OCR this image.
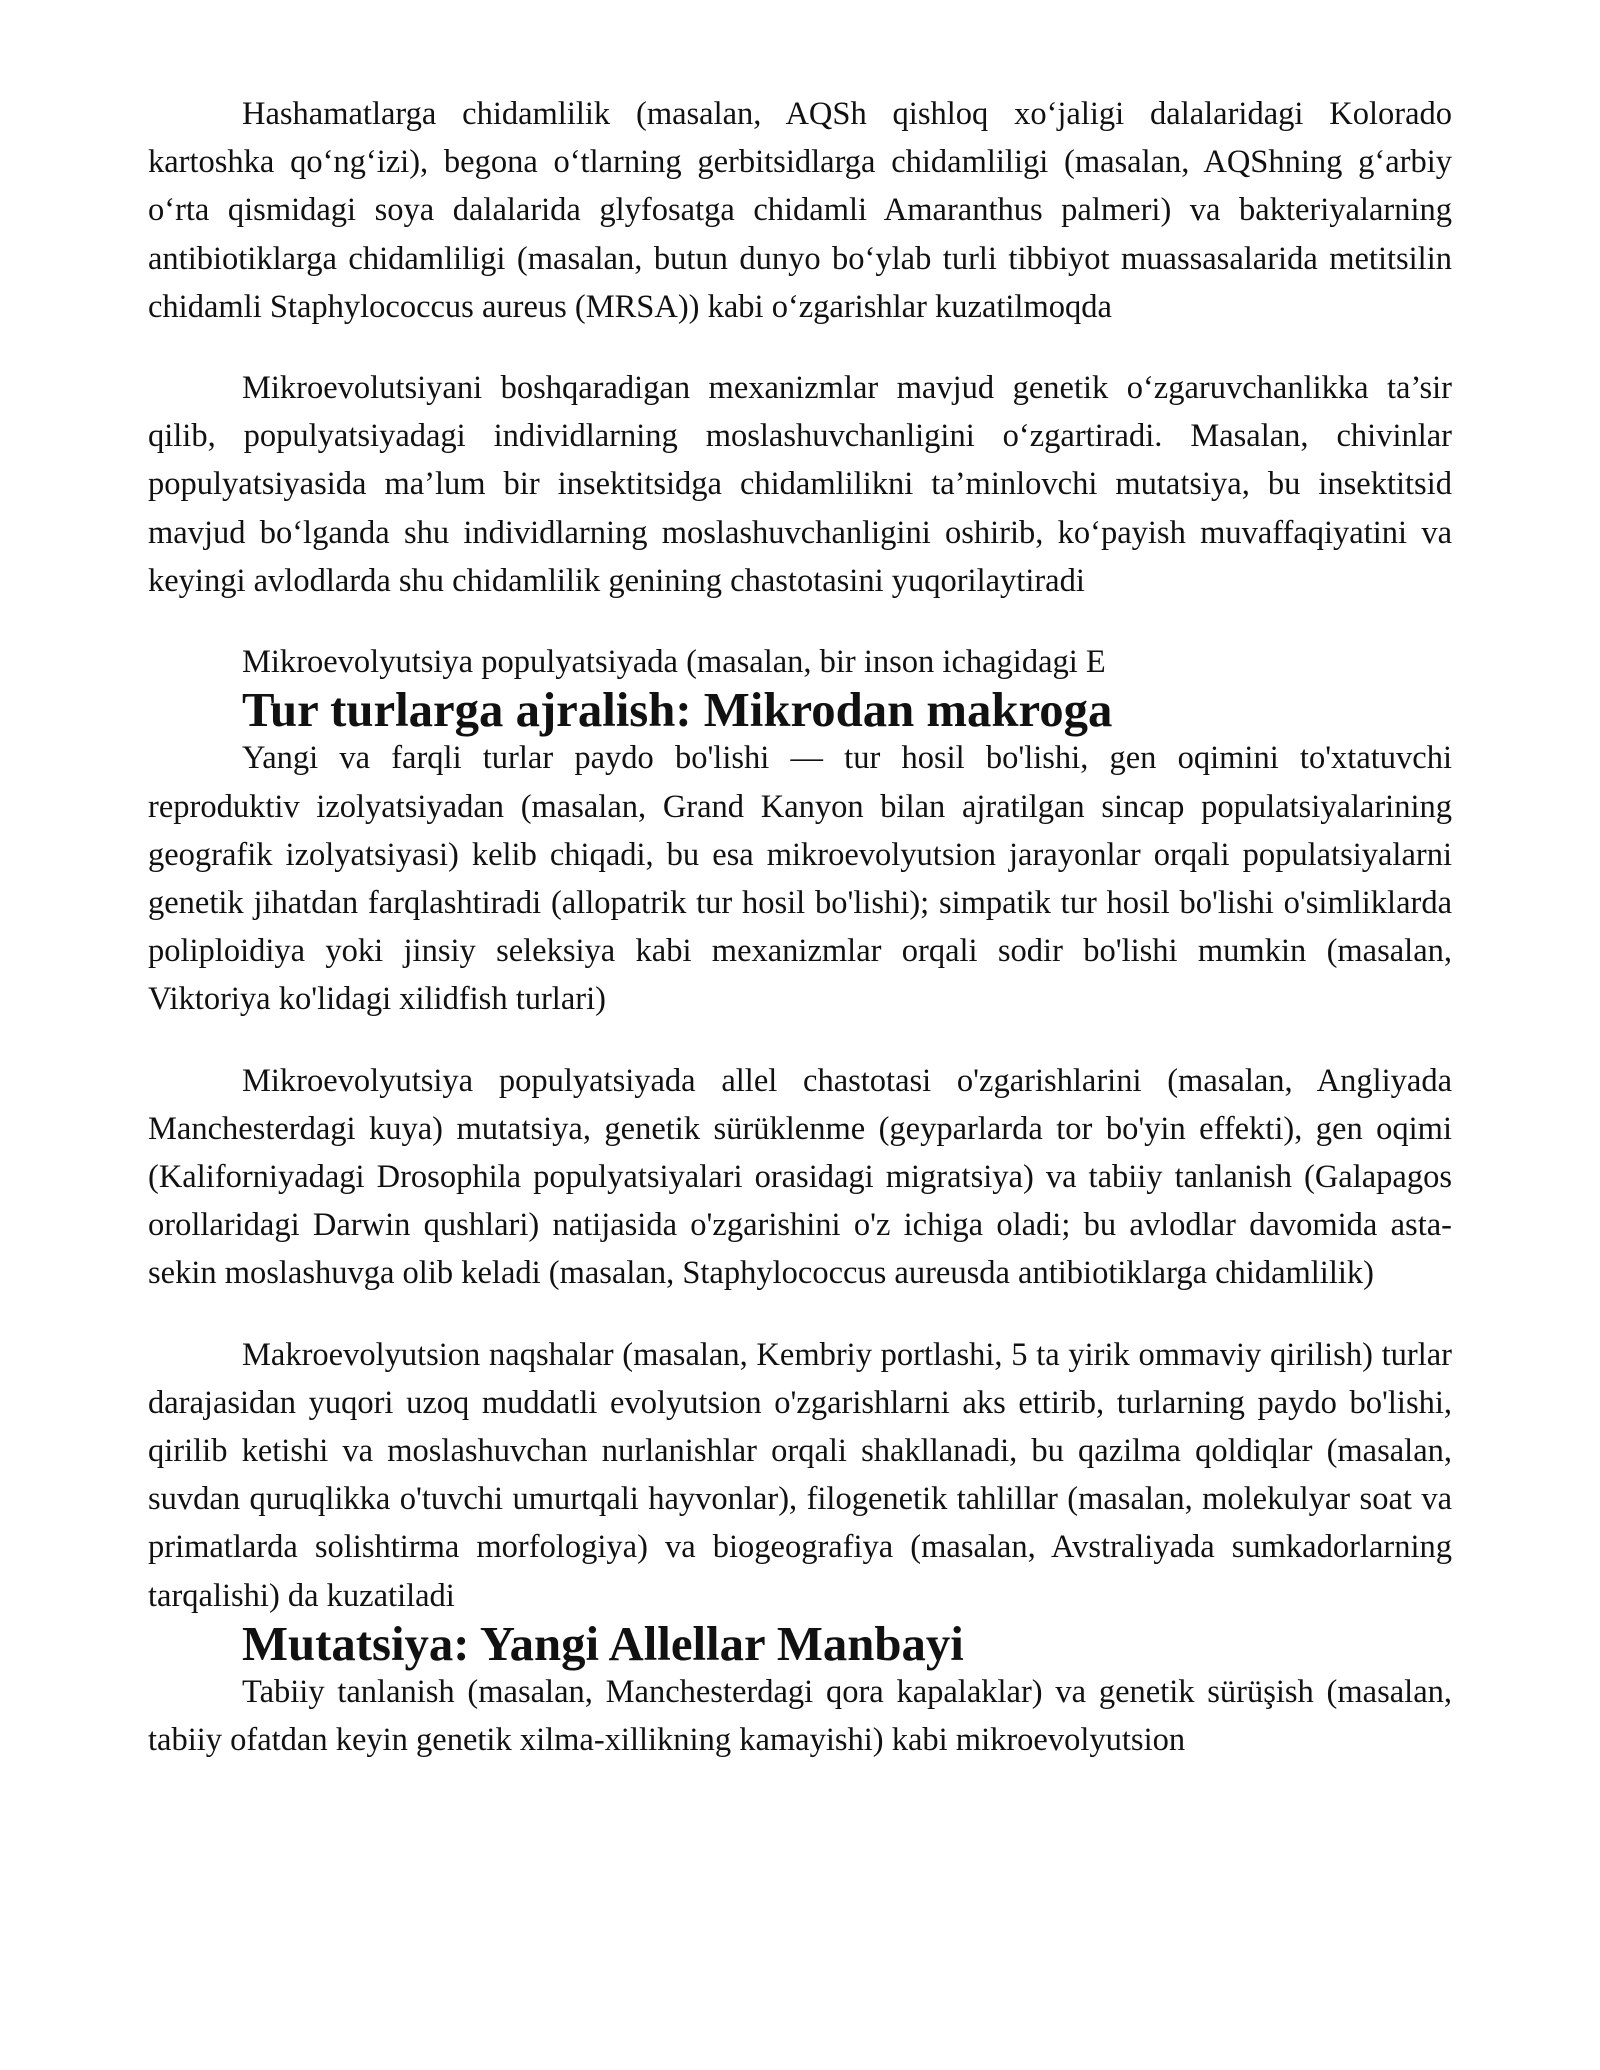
Hashamatlarga chidamlilik (masalan, AQSh qishloq xo‘jaligi dalalaridagi Kolorado kartoshka qo‘ng‘izi), begona o‘tlarning gerbitsidlarga chidamliligi (masalan, AQShning g‘arbiy o‘rta qismidagi soya dalalarida glyfosatga chidamli Amaranthus palmeri) va bakteriyalarning antibiotiklarga chidamliligi (masalan, butun dunyo bo‘ylab turli tibbiyot muassasalarida metitsilin chidamli Staphylococcus aureus (MRSA)) kabi o‘zgarishlar kuzatilmoqda

Mikroevolutsiyani boshqaradigan mexanizmlar mavjud genetik o‘zgaruvchanlikka ta’sir qilib, populyatsiyadagi individlarning moslashuvchanligini o‘zgartiradi. Masalan, chivinlar populyatsiyasida ma’lum bir insektitsidga chidamlilikni ta’minlovchi mutatsiya, bu insektitsid mavjud bo‘lganda shu individlarning moslashuvchanligini oshirib, ko‘payish muvaffaqiyatini va keyingi avlodlarda shu chidamlilik genining chastotasini yuqorilaytiradi

Mikroevolyutsiya populyatsiyada (masalan, bir inson ichagidagi E

Tur turlarga ajralish: Mikrodan makroga

Yangi va farqli turlar paydo bo'lishi — tur hosil bo'lishi, gen oqimini to'xtatuvchi reproduktiv izolyatsiyadan (masalan, Grand Kanyon bilan ajratilgan sincap populatsiyalarining geografik izolyatsiyasi) kelib chiqadi, bu esa mikroevolyutsion jarayonlar orqali populatsiyalarni genetik jihatdan farqlashtiradi (allopatrik tur hosil bo'lishi); simpatik tur hosil bo'lishi o'simliklarda poliploidiya yoki jinsiy seleksiya kabi mexanizmlar orqali sodir bo'lishi mumkin (masalan, Viktoriya ko'lidagi xilidfish turlari)

Mikroevolyutsiya populyatsiyada allel chastotasi o'zgarishlarini (masalan, Angliyada Manchesterdagi kuya) mutatsiya, genetik sürüklenme (geyparlarda tor bo'yin effekti), gen oqimi (Kaliforniyadagi Drosophila populyatsiyalari orasidagi migratsiya) va tabiiy tanlanish (Galapagos orollaridagi Darwin qushlari) natijasida o'zgarishini o'z ichiga oladi; bu avlodlar davomida asta-sekin moslashuvga olib keladi (masalan, Staphylococcus aureusda antibiotiklarga chidamlilik)

Makroevolyutsion naqshalar (masalan, Kembriy portlashi, 5 ta yirik ommaviy qirilish) turlar darajasidan yuqori uzoq muddatli evolyutsion o'zgarishlarni aks ettirib, turlarning paydo bo'lishi, qirilib ketishi va moslashuvchan nurlanishlar orqali shakllanadi, bu qazilma qoldiqlar (masalan, suvdan quruqlikka o'tuvchi umurtqali hayvonlar), filogenetik tahlillar (masalan, molekulyar soat va primatlarda solishtirma morfologiya) va biogeografiya (masalan, Avstraliyada sumkadorlarning tarqalishi) da kuzatiladi

Mutatsiya: Yangi Allellar Manbayi

Tabiiy tanlanish (masalan, Manchesterdagi qora kapalaklar) va genetik sürüşish (masalan, tabiiy ofatdan keyin genetik xilma-xillikning kamayishi) kabi mikroevolyutsion
